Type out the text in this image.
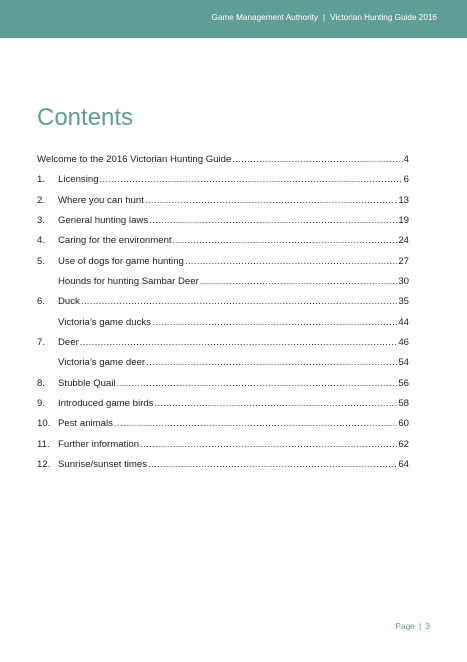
Game Management Authority | Victorian Hunting Guide 2016
Contents
Welcome to the 2016 Victorian Hunting Guide .....	4
1.	Licensing .....	6
2.	Where you can hunt .....	13
3.	General hunting laws .....	19
4.	Caring for the environment .....	24
5.	Use of dogs for game hunting .....	27
Hounds for hunting Sambar Deer .....	30
6.	Duck .....	35
Victoria’s game ducks .....	44
7.	Deer .....	46
Victoria’s game deer .....	54
8.	Stubble Quail .....	56
9.	Introduced game birds .....	58
10. Pest animals .....	60
11. Further information .....	62
12. Sunrise/sunset times .....	64
Page | 3
